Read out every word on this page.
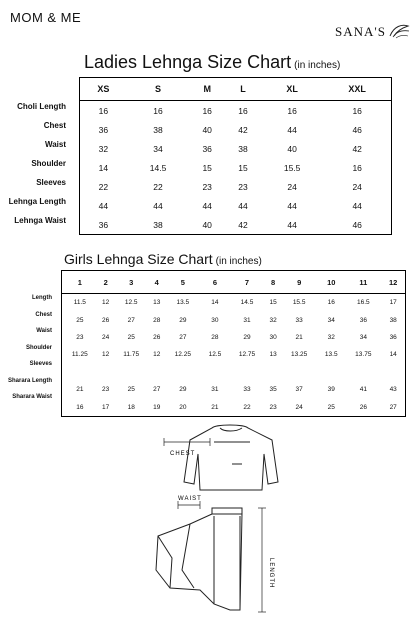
MOM & ME
SANA'S
Ladies Lehnga Size Chart (in inches)
Choli Length
Chest
Waist
Shoulder
Sleeves
Lehnga Length
Lehnga Waist
XS	S	M	L	XL	XXL
16	16	16	16	16	16
36	38	40	42	44	46
32	34	36	38	40	42
14	14.5	15	15	15.5	16
22	22	23	23	24	24
44	44	44	44	44	44
36	38	40	42	44	46
Girls Lehnga Size Chart (in inches)
Length
Chest
Waist
Shoulder
Sleeves
Sharara Length
Sharara Waist
1	2	3	4	5	6	7	8	9	10	11	12
11.5	12	12.5	13	13.5	14	14.5	15	15.5	16	16.5	17
25	26	27	28	29	30	31	32	33	34	36	38
23	24	25	26	27	28	29	30	21	32	34	36
11.25	12	11.75	12	12.25	12.5	12.75	13	13.25	13.5	13.75	14

21	23	25	27	29	31	33	35	37	39	41	43
16	17	18	19	20	21	22	23	24	25	26	27
CHEST
WAIST
LENGTH
